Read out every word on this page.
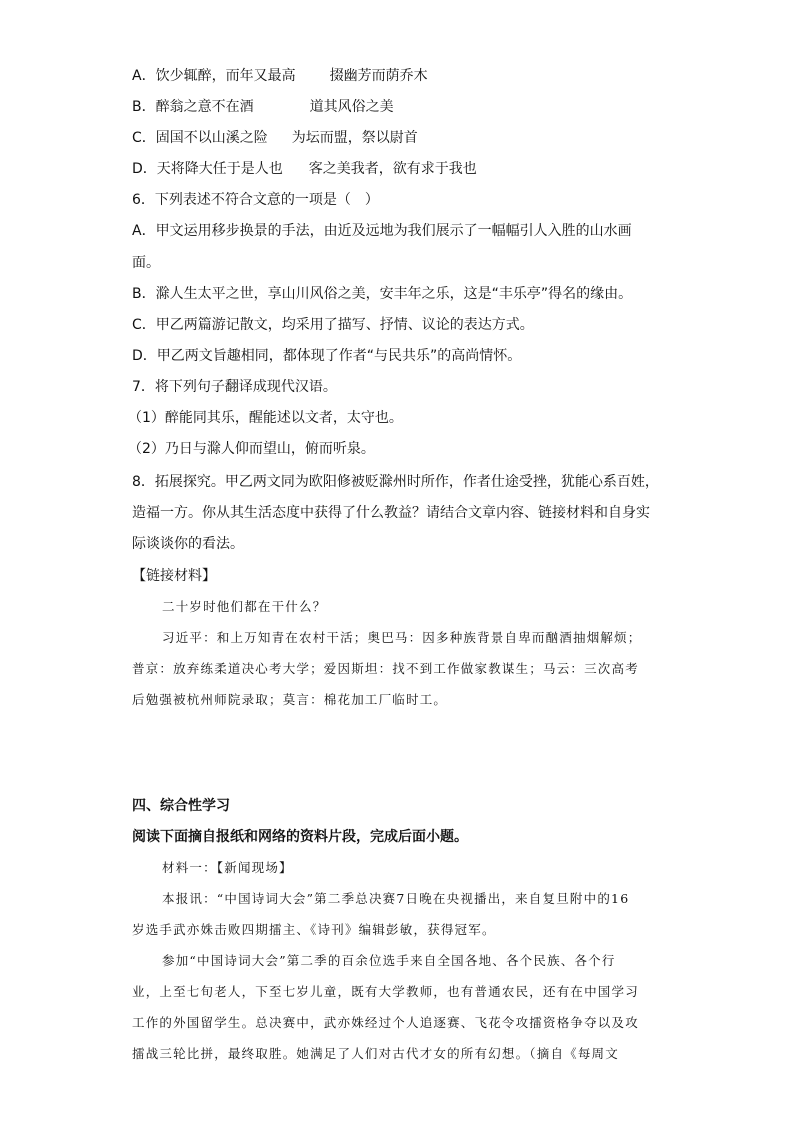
A．饮少辄醉，而年又最高 掇幽芳而荫乔木
B．醉翁之意不在酒	道其风俗之美
C．固国不以山溪之险 为坛而盟，祭以尉首
D．天将降大任于是人也 客之美我者，欲有求于我也
6．下列表述不符合文意的一项是（　）
A．甲文运用移步换景的手法，由近及远地为我们展示了一幅幅引人入胜的山水画
面。
B．滁人生太平之世，享山川风俗之美，安丰年之乐，这是“丰乐亭”得名的缘由。
C．甲乙两篇游记散文，均采用了描写、抒情、议论的表达方式。
D．甲乙两文旨趣相同，都体现了作者“与民共乐”的高尚情怀。
7．将下列句子翻译成现代汉语。
（1）醉能同其乐，醒能述以文者，太守也。
（2）乃日与滁人仰而望山，俯而听泉。
8．拓展探究。甲乙两文同为欧阳修被贬滁州时所作，作者仕途受挫，犹能心系百姓，
造福一方。你从其生活态度中获得了什么教益？请结合文章内容、链接材料和自身实
际谈谈你的看法。
【链接材料】
二十岁时他们都在干什么？
习近平：和上万知青在农村干活；奥巴马：因多种族背景自卑而酗酒抽烟解烦；
普京：放弃练柔道决心考大学；爱因斯坦：找不到工作做家教谋生；马云：三次高考
后勉强被杭州师院录取；莫言：棉花加工厂临时工。
四、综合性学习
阅读下面摘自报纸和网络的资料片段，完成后面小题。
材料一：【新闻现场】
本报讯：“中国诗词大会”第二季总决赛7日晚在央视播出，来自复旦附中的16
岁选手武亦姝击败四期擂主、《诗刊》编辑彭敏，获得冠军。
参加“中国诗词大会”第二季的百余位选手来自全国各地、各个民族、各个行
业，上至七旬老人，下至七岁儿童，既有大学教师，也有普通农民，还有在中国学习
工作的外国留学生。总决赛中，武亦姝经过个人追逐赛、飞花令攻擂资格争夺以及攻
擂战三轮比拼，最终取胜。她满足了人们对古代才女的所有幻想。（摘自《每周文
